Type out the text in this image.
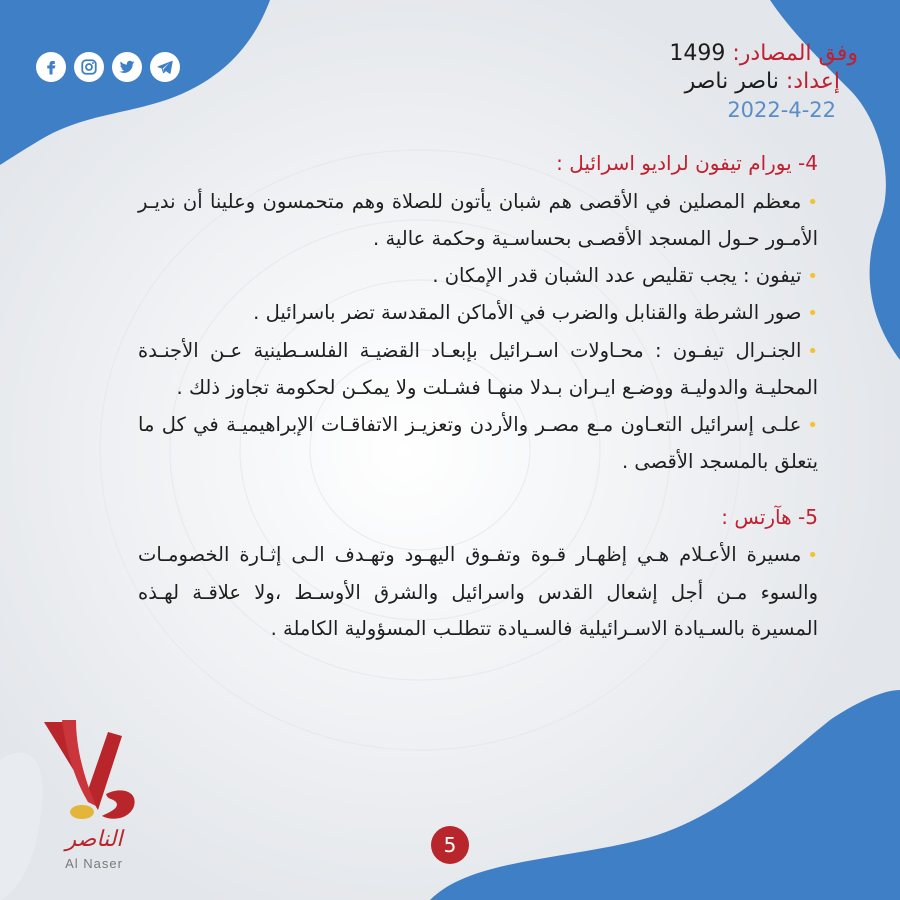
وفق المصادر: 1499
إعداد: ناصر ناصر
2022-4-22

4- يورام تيفون لراديو اسرائيل :

•معظم المصلين في الأقصى هم شبان يأتون للصلاة وهم متحمسون وعلينا أن نديـر الأمـور حـول المسجد الأقصـى بحساسـية وحكمة عالية .

•تيفون : يجب تقليص عدد الشبان قدر الإمكان .

•صور الشرطة والقنابل والضرب في الأماكن المقدسة تضر باسرائيل .

•الجنـرال تيفـون : محـاولات اسـرائيل بإبعـاد القضيـة الفلسـطينية عـن الأجنـدة المحليـة والدوليـة ووضـع ايـران بـدلا منهـا فشـلت ولا يمكـن لحكومة تجاوز ذلك .

•علـى إسرائيل التعـاون مـع مصـر والأردن وتعزيـز الاتفاقـات الإبراهيميـة في كل ما يتعلق بالمسجد الأقصى .

5- هآرتس :

•مسيرة الأعـلام هـي إظهـار قـوة وتفـوق اليهـود وتهـدف الـى إثـارة الخصومـات والسوء مـن أجل إشعال القدس واسرائيل والشرق الأوسـط ،ولا علاقـة لهـذه المسيرة بالسـيادة الاسـرائيلية فالسـيادة تتطلـب المسؤولية الكاملة .

الناصر
Al Naser
5
